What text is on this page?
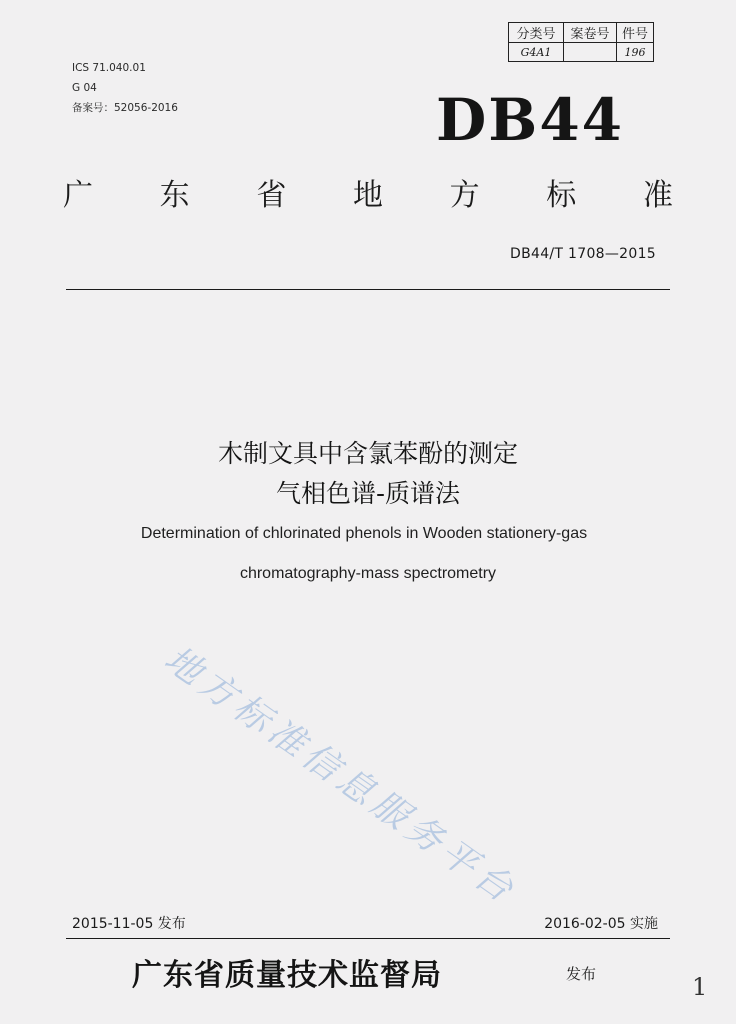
ICS 71.040.01
G 04
备案号：52056-2016
分类号	案卷号	件号
G4A1		196
DB44
广 东 省 地 方 标 准
DB44/T 1708—2015
木制文具中含氯苯酚的测定
气相色谱-质谱法
Determination of chlorinated phenols in Wooden stationery-gas
chromatography-mass spectrometry
地方标准信息服务平台
2015-11-05 发布	2016-02-05 实施
广东省质量技术监督局	发布	1
